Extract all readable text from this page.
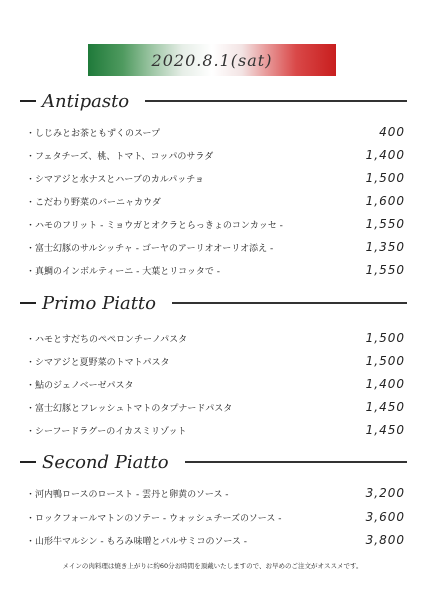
2020.8.1(sat)
Antipasto
・しじみとお茶ともずくのスープ	400
・フェタチーズ、桃、トマト、コッパのサラダ	1,400
・シマアジと水ナスとハーブのカルパッチョ	1,500
・こだわり野菜のバーニャカウダ	1,600
・ハモのフリット - ミョウガとオクラとらっきょのコンカッセ -	1,550
・富士幻豚のサルシッチャ - ゴーヤのアーリオオーリオ添え -	1,350
・真鯛のインボルティーニ - 大葉とリコッタで -	1,550
Primo Piatto
・ハモとすだちのペペロンチーノパスタ	1,500
・シマアジと夏野菜のトマトパスタ	1,500
・鮎のジェノベーゼパスタ	1,400
・富士幻豚とフレッシュトマトのタプナードパスタ	1,450
・シーフードラグーのイカスミリゾット	1,450
Second Piatto
・河内鴨ロースのロースト - 雲丹と卵黄のソース -	3,200
・ロックフォールマトンのソテー - ウォッシュチーズのソース -	3,600
・山形牛マルシン - もろみ味噌とバルサミコのソース -	3,800
メインの肉料理は焼き上がりに約60分お時間を頂戴いたしますので、お早めのご注文がオススメです。
